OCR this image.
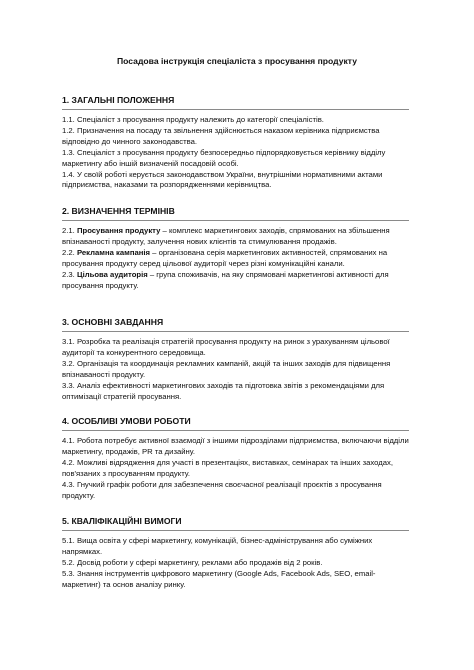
Посадова інструкція спеціаліста з просування продукту
1. ЗАГАЛЬНІ ПОЛОЖЕННЯ

1.1. Спеціаліст з просування продукту належить до категорії спеціалістів.

1.2. Призначення на посаду та звільнення здійснюється наказом керівника підприємства відповідно до чинного законодавства.

1.3. Спеціаліст з просування продукту безпосередньо підпорядковується керівнику відділу маркетингу або іншій визначеній посадовій особі.

1.4. У своїй роботі керується законодавством України, внутрішніми нормативними актами підприємства, наказами та розпорядженнями керівництва.

2. ВИЗНАЧЕННЯ ТЕРМІНІВ

2.1. Просування продукту – комплекс маркетингових заходів, спрямованих на збільшення впізнаваності продукту, залучення нових клієнтів та стимулювання продажів.

2.2. Рекламна кампанія – організована серія маркетингових активностей, спрямованих на просування продукту серед цільової аудиторії через різні комунікаційні канали.

2.3. Цільова аудиторія – група споживачів, на яку спрямовані маркетингові активності для просування продукту.

3. ОСНОВНІ ЗАВДАННЯ

3.1. Розробка та реалізація стратегій просування продукту на ринок з урахуванням цільової аудиторії та конкурентного середовища.

3.2. Організація та координація рекламних кампаній, акцій та інших заходів для підвищення впізнаваності продукту.

3.3. Аналіз ефективності маркетингових заходів та підготовка звітів з рекомендаціями для оптимізації стратегій просування.

4. ОСОБЛИВІ УМОВИ РОБОТИ

4.1. Робота потребує активної взаємодії з іншими підрозділами підприємства, включаючи відділи маркетингу, продажів, PR та дизайну.

4.2. Можливі відрядження для участі в презентаціях, виставках, семінарах та інших заходах, пов'язаних з просуванням продукту.

4.3. Гнучкий графік роботи для забезпечення своєчасної реалізації проєктів з просування продукту.

5. КВАЛІФІКАЦІЙНІ ВИМОГИ

5.1. Вища освіта у сфері маркетингу, комунікацій, бізнес-адміністрування або суміжних напрямках.

5.2. Досвід роботи у сфері маркетингу, реклами або продажів від 2 років.

5.3. Знання інструментів цифрового маркетингу (Google Ads, Facebook Ads, SEO, email-маркетинг) та основ аналізу ринку.
